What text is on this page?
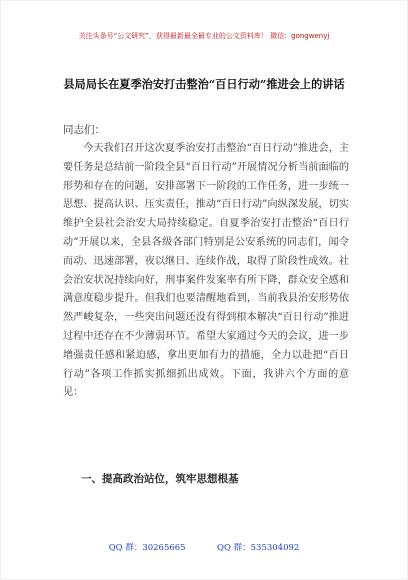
关注头条号“公文研究”，获得最新最全最专业的公文资料库！ 微信：gongwenyj
县局局长在夏季治安打击整治“百日行动”推进会上的讲话
同志们：
今天我们召开这次夏季治安打击整治“百日行动”推进会，主要任务是总结前一阶段全县“百日行动”开展情况分析当前面临的形势和存在的问题，安排部署下一阶段的工作任务，进一步统一思想、提高认识、压实责任，推动“百日行动”向纵深发展，切实维护全县社会治安大局持续稳定。自夏季治安打击整治“百日行动”开展以来，全县各级各部门特别是公安系统的同志们，闻令而动、迅速部署，夜以继日、连续作战，取得了阶段性成效。社会治安状况持续向好，刑事案件发案率有所下降，群众安全感和满意度稳步提升。但我们也要清醒地看到，当前我县治安形势依然严峻复杂，一些突出问题还没有得到根本解决“百日行动”推进过程中还存在不少薄弱环节。希望大家通过今天的会议，进一步增强责任感和紧迫感，拿出更加有力的措施，全力以赴把“百日行动”各项工作抓实抓细抓出成效。下面，我讲六个方面的意见：
一、提高政治站位，筑牢思想根基
QQ 群：30265665	QQ 群：535304092
